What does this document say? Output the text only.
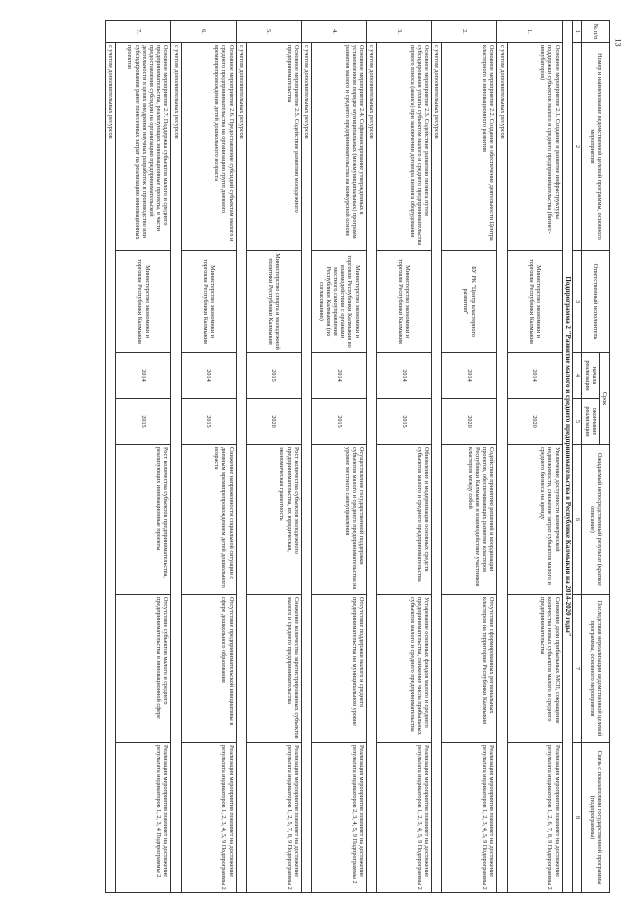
13
№ п/п	Номер и наименование ведомственной целевой программы, основного мероприятия	Ответственный исполнитель	Срок		Ожидаемый непосредственный результат (краткое описание)	Последствия нереализации ведомственной целевой программы, основного мероприятия	Связь с показателями государственной программы (подпрограммы)
			начала реализации	окончание реализации			
1	2	3	4	5	6	7	8
Подпрограмма 2 "Развитие малого и среднего предпринимательства в Республике Калмыкия на 2014-2020 годы"							
1.	Основное мероприятие 2.1. Создание и развитие инфраструктуры поддержки субъектов малого и среднего предпринимательства (бизнес-инкубаторов)	Министерство экономики и торговли Республики Калмыкия	2014	2020	Увеличение доступности коммерческой недвижимости, снижение затрат субъектов малого и среднего бизнеса на аренду	Снижение доли прибыльных МСП, сокращение количества новых субъектов малого и среднего предпринимательства	Реализация мероприятия повлияет на достижение результата индикаторов 1, 2, 6, 7, 8, 9 Подпрограммы 2
	с учетом дополнительных ресурсов						
2.	Основное мероприятие 2.2. Создание и обеспечение деятельности Центра кластерного и инновационного развития	БУ РК "Центр кластерного развития"	2014	2020	Содействие принятию решений и координации проектов, обеспечивающих развитие кластеров Республики Калмыкия и взаимодействие участников кластеров между собой	Отсутствие сформированных региональных кластеров на территории Республики Калмыкия	Реализация мероприятия повлияет на достижение результата индикаторов 1, 2, 3, 4, 5, 9 Подпрограммы 2
	с учетом дополнительных ресурсов						
3.	Основное мероприятие 2.3. Содействие развитию лизинга путем субсидирования уплаты субъектом малого и среднего предпринимательства первого взноса (аванса) при заключении договора лизинга оборудования	Министерство экономики и торговли Республики Калмыкия	2014	2015	Обновление и модернизация основных средств субъектов малого и среднего предпринимательства	Устаревание основных фондов малого и среднего предпринимательства, снижение числа прибыльных субъектов малого и среднего предпринимательства	Реализация мероприятия повлияет на достижение результата индикаторов 1, 2, 3, 4, 5, 9 Подпрограммы 2
	с учетом дополнительных ресурсов						
4.	Основное мероприятие 2.4. Софинансирование утвержденных в установленном порядке муниципальных (межмуниципальных) программ развития малого и среднего предпринимательства на конкурсной основе	Министерство экономики и торговли Республики Калмыкия во взаимодействии с органами местного самоуправления Республики Калмыкия (по согласованию)	2014	2015	Осуществление государственной поддержки субъектов малого и среднего предпринимательства на уровне местного самоуправления	Отсутствие поддержки малого и среднего предпринимательства на муниципальном уровне	Реализация мероприятия повлияет на достижение результата индикаторов 2, 3, 4, 5, 9 Подпрограммы 2
	с учетом дополнительных ресурсов						
5.	Основное мероприятие 2.5. Содействие развитию молодежного предпринимательства	Министерство спорта и молодежной политики Республики Калмыкия	2015	2020	Рост количества субъектов молодежного предпринимательства, их юридическая, экономическая грамотность	Снижение количества зарегистрированных субъектов малого и среднего предпринимательства	Реализация мероприятия повлияет на достижение результата индикаторов 1, 2, 5, 7, 8, 9 Подпрограммы 2
	с учетом дополнительных ресурсов						
6.	Основное мероприятие 2.6. Предоставление субсидий субъектам малого и среднего предпринимательства на организацию групп дневного времяпрепровождения детей дошкольного возраста	Министерство экономики и торговли Республики Калмыкия	2014	2015	Снижение напряженности социальной ситуации с дневным времяпрепровождением детей дошкольного возраста	Отсутствие предпринимательской инициативы в сфере дошкольного образования	Реализация мероприятия повлияет на достижение результата индикаторов 1, 2, 3, 4, 5, 9 Подпрограммы 2
	с учетом дополнительных ресурсов						
7.	Основное мероприятие 2.7. Поддержка субъектов малого и среднего предпринимательства, реализующих инновационные проекты, в части предоставления субсидии на организацию предпринимательской деятельности в целях внедрения научных разработок в производство или субсидирования ранее понесенных затрат на реализацию инновационных проектов	Министерство экономики и торговли Республики Калмыкия	2014	2015	Рост количества субъектов предпринимательства, реализующих инновационные проекты	Отсутствие субъектов малого и среднего предпринимательства в инновационной сфере	Реализация мероприятия повлияет на достижение результата индикаторов 1, 2, 3, 4 Подпрограммы 2
	с учетом дополнительных ресурсов						
